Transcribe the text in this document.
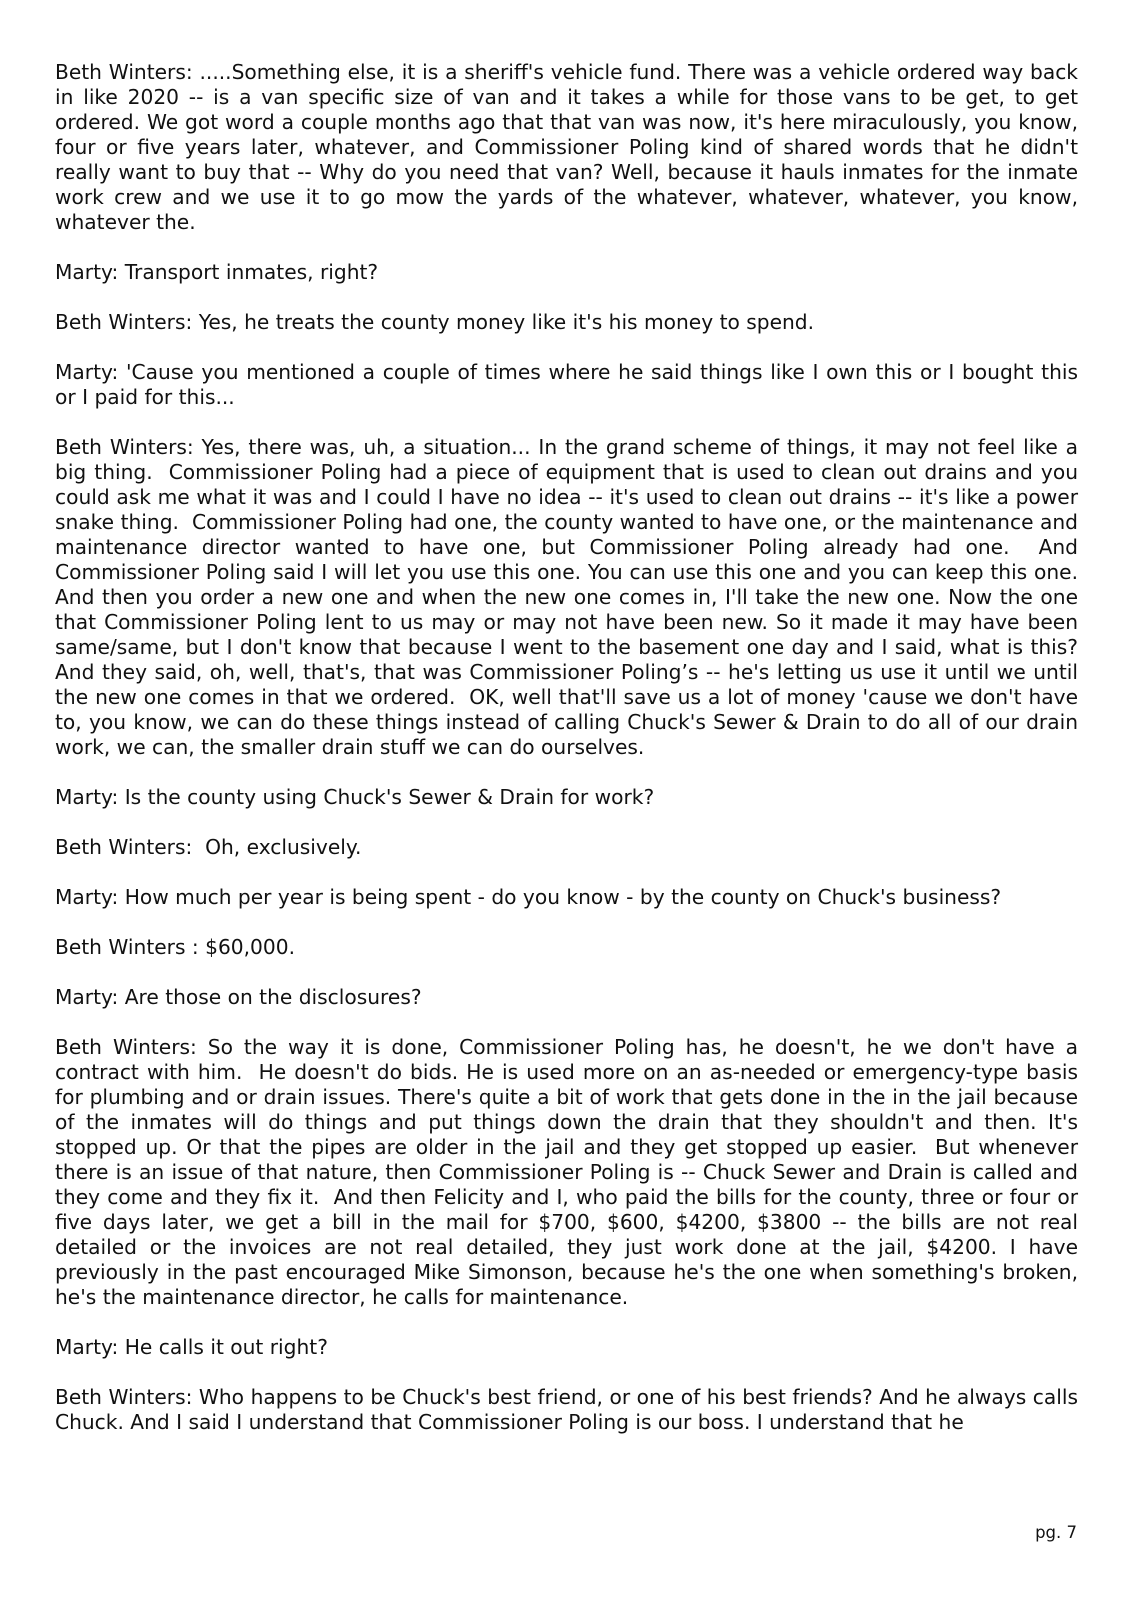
Beth Winters: .....Something else, it is a sheriff's vehicle fund. There was a vehicle ordered way back in like 2020 -- is a van specific size of van and it takes a while for those vans to be get, to get ordered. We got word a couple months ago that that van was now, it's here miraculously, you know, four or five years later, whatever, and Commissioner Poling kind of shared words that he didn't really want to buy that -- Why do you need that van? Well, because it hauls inmates for the inmate work crew and we use it to go mow the yards of the whatever, whatever, whatever, you know, whatever the.

Marty: Transport inmates, right?

Beth Winters: Yes, he treats the county money like it's his money to spend.

Marty: 'Cause you mentioned a couple of times where he said things like I own this or I bought this or I paid for this...

Beth Winters: Yes, there was, uh, a situation... In the grand scheme of things, it may not feel like a big thing.  Commissioner Poling had a piece of equipment that is used to clean out drains and you could ask me what it was and I could I have no idea -- it's used to clean out drains -- it's like a power snake thing.  Commissioner Poling had one, the county wanted to have one, or the maintenance and maintenance director wanted to have one, but Commissioner Poling already had one.  And Commissioner Poling said I will let you use this one. You can use this one and you can keep this one. And then you order a new one and when the new one comes in, I'll take the new one. Now the one that Commissioner Poling lent to us may or may not have been new. So it made it may have been same/same, but I don't know that because I went to the basement one day and I said, what is this? And they said, oh, well, that's, that was Commissioner Poling’s -- he's letting us use it until we until the new one comes in that we ordered.  OK, well that'll save us a lot of money 'cause we don't have to, you know, we can do these things instead of calling Chuck's Sewer & Drain to do all of our drain work, we can, the smaller drain stuff we can do ourselves.

Marty: Is the county using Chuck's Sewer & Drain for work?

Beth Winters:  Oh, exclusively.

Marty: How much per year is being spent - do you know - by the county on Chuck's business?

Beth Winters : $60,000.

Marty: Are those on the disclosures?

Beth Winters: So the way it is done, Commissioner Poling has, he doesn't, he we don't have a contract with him.  He doesn't do bids. He is used more on an as-needed or emergency-type basis for plumbing and or drain issues. There's quite a bit of work that gets done in the in the jail because of the inmates will do things and put things down the drain that they shouldn't and then. It's stopped up. Or that the pipes are older in the jail and they get stopped up easier.  But whenever there is an issue of that nature, then Commissioner Poling is -- Chuck Sewer and Drain is called and they come and they fix it.  And then Felicity and I, who paid the bills for the county, three or four or five days later, we get a bill in the mail for $700, $600, $4200, $3800 -- the bills are not real detailed or the invoices are not real detailed, they just work done at the jail, $4200. I have previously in the past encouraged Mike Simonson, because he's the one when something's broken, he's the maintenance director, he calls for maintenance.

Marty: He calls it out right?

Beth Winters: Who happens to be Chuck's best friend, or one of his best friends? And he always calls Chuck. And I said I understand that Commissioner Poling is our boss. I understand that he

pg. 7
